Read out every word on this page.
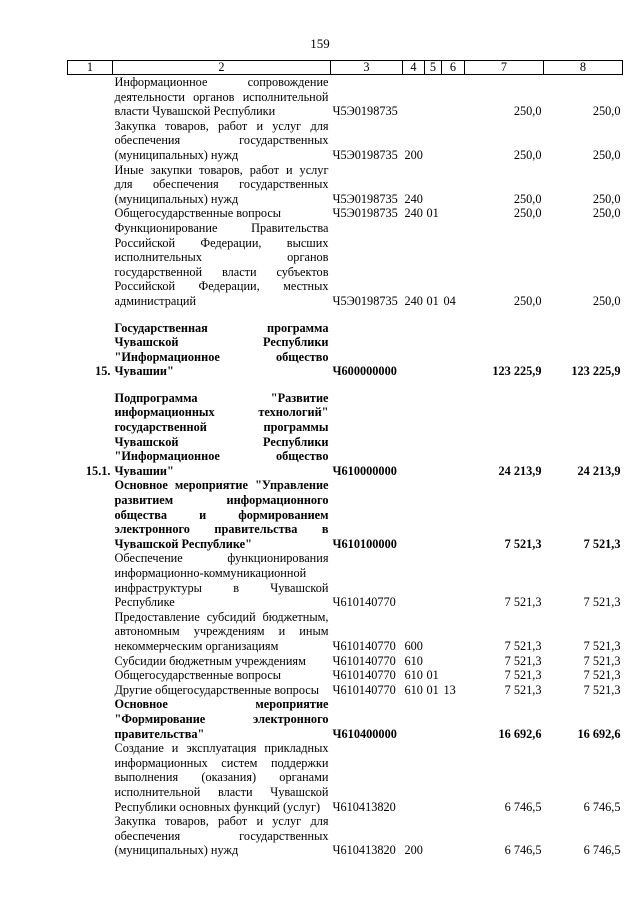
159
1	2	3	4	5	6	7	8
	Информационное сопровождение деятельности органов исполнительной власти Чувашской Республики	Ч5Э0198735				250,0	250,0
	Закупка товаров, работ и услуг для обеспечения государственных (муниципальных) нужд	Ч5Э0198735	200			250,0	250,0
	Иные закупки товаров, работ и услуг для обеспечения государственных (муниципальных) нужд	Ч5Э0198735	240			250,0	250,0
	Общегосударственные вопросы	Ч5Э0198735	240	01		250,0	250,0
	Функционирование Правительства Российской Федерации, высших исполнительных органов государственной власти субъектов Российской Федерации, местных администраций	Ч5Э0198735	240	01	04	250,0	250,0

15.	Государственная программа Чувашской Республики "Информационное общество Чувашии"	Ч600000000				123 225,9	123 225,9

15.1.	Подпрограмма "Развитие информационных технологий" государственной программы Чувашской Республики "Информационное общество Чувашии"	Ч610000000				24 213,9	24 213,9
	Основное мероприятие "Управление развитием информационного общества и формированием электронного правительства в Чувашской Республике"	Ч610100000				7 521,3	7 521,3
	Обеспечение функционирования информационно-коммуникационной инфраструктуры в Чувашской Республике	Ч610140770				7 521,3	7 521,3
	Предоставление субсидий бюджетным, автономным учреждениям и иным некоммерческим организациям	Ч610140770	600			7 521,3	7 521,3
	Субсидии бюджетным учреждениям	Ч610140770	610			7 521,3	7 521,3
	Общегосударственные вопросы	Ч610140770	610	01		7 521,3	7 521,3
	Другие общегосударственные вопросы	Ч610140770	610	01	13	7 521,3	7 521,3
	Основное мероприятие "Формирование электронного правительства"	Ч610400000				16 692,6	16 692,6
	Создание и эксплуатация прикладных информационных систем поддержки выполнения (оказания) органами исполнительной власти Чувашской Республики основных функций (услуг)	Ч610413820				6 746,5	6 746,5
	Закупка товаров, работ и услуг для обеспечения государственных (муниципальных) нужд	Ч610413820	200			6 746,5	6 746,5
